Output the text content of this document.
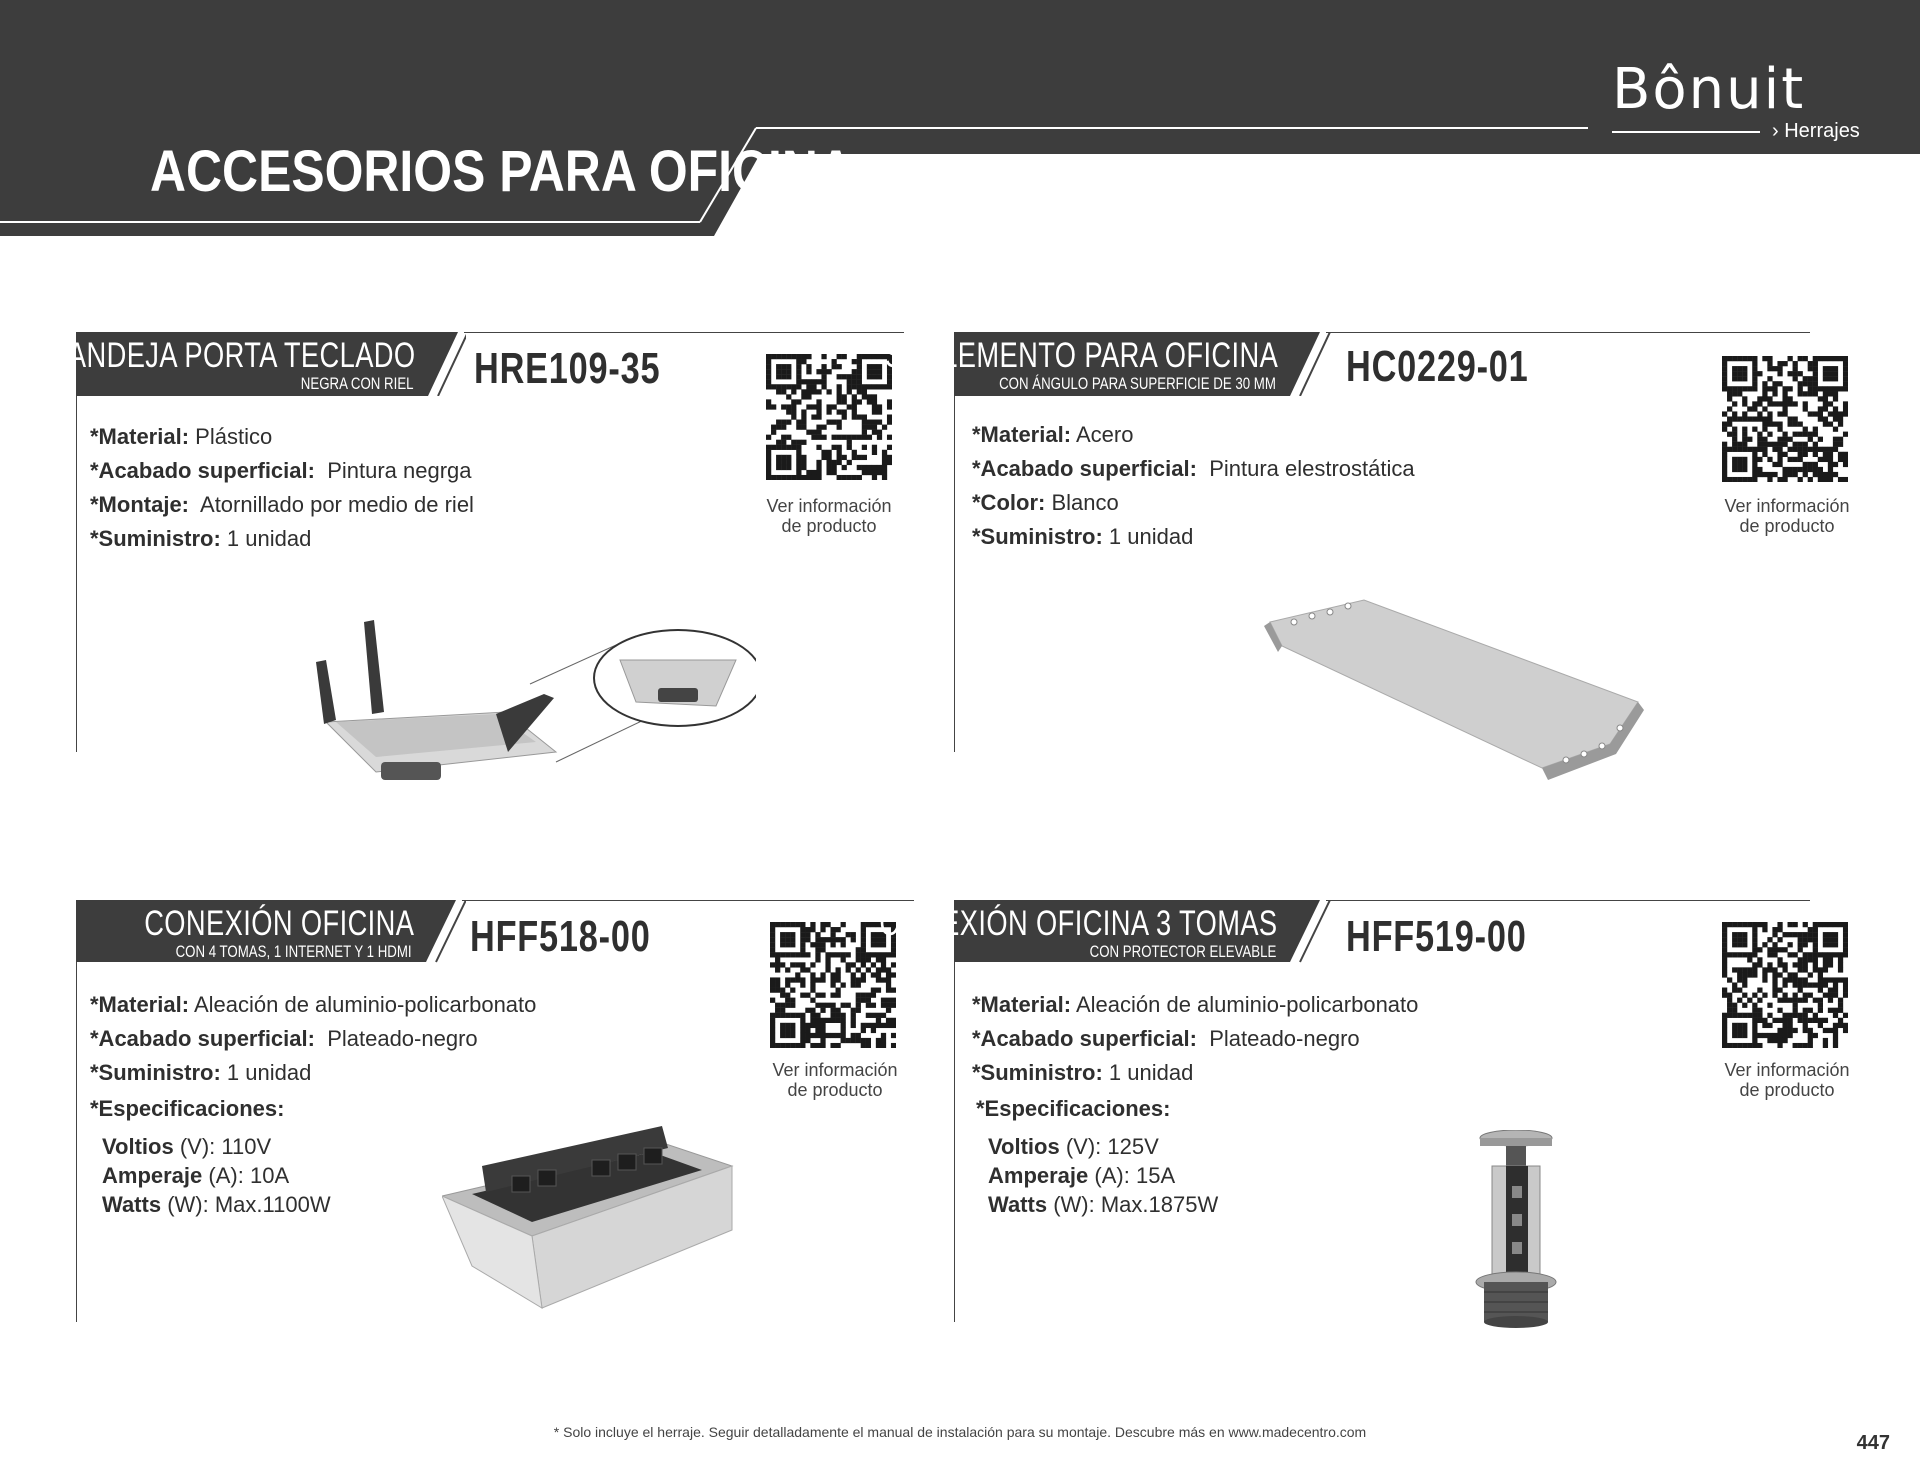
ACCESORIOS PARA OFICINA
Bônuit
› Herrajes
BANDEJA PORTA TECLADO
NEGRA CON RIEL HRE109-35
*Material: Plástico
*Acabado superficial: Pintura negrga
*Montaje: Atornillado por medio de riel
*Suministro: 1 unidad
Ver información
de producto
SUPLEMENTO PARA OFICINA
CON ÁNGULO PARA SUPERFICIE DE 30 MM HC0229-01
*Material: Acero
*Acabado superficial: Pintura elestrostática
*Color: Blanco
*Suministro: 1 unidad
Ver información
de producto
CONEXIÓN OFICINA
CON 4 TOMAS, 1 INTERNET Y 1 HDMI HFF518-00
*Material: Aleación de aluminio-policarbonato
*Acabado superficial: Plateado-negro
*Suministro: 1 unidad
*Especificaciones:
Voltios (V): 110V
Amperaje (A): 10A
Watts (W): Max.1100W
Ver información
de producto
CONEXIÓN OFICINA 3 TOMAS
CON PROTECTOR ELEVABLE HFF519-00
*Material: Aleación de aluminio-policarbonato
*Acabado superficial: Plateado-negro
*Suministro: 1 unidad
*Especificaciones:
Voltios (V): 125V
Amperaje (A): 15A
Watts (W): Max.1875W
Ver información
de producto
* Solo incluye el herraje. Seguir detalladamente el manual de instalación para su montaje. Descubre más en www.madecentro.com	447
